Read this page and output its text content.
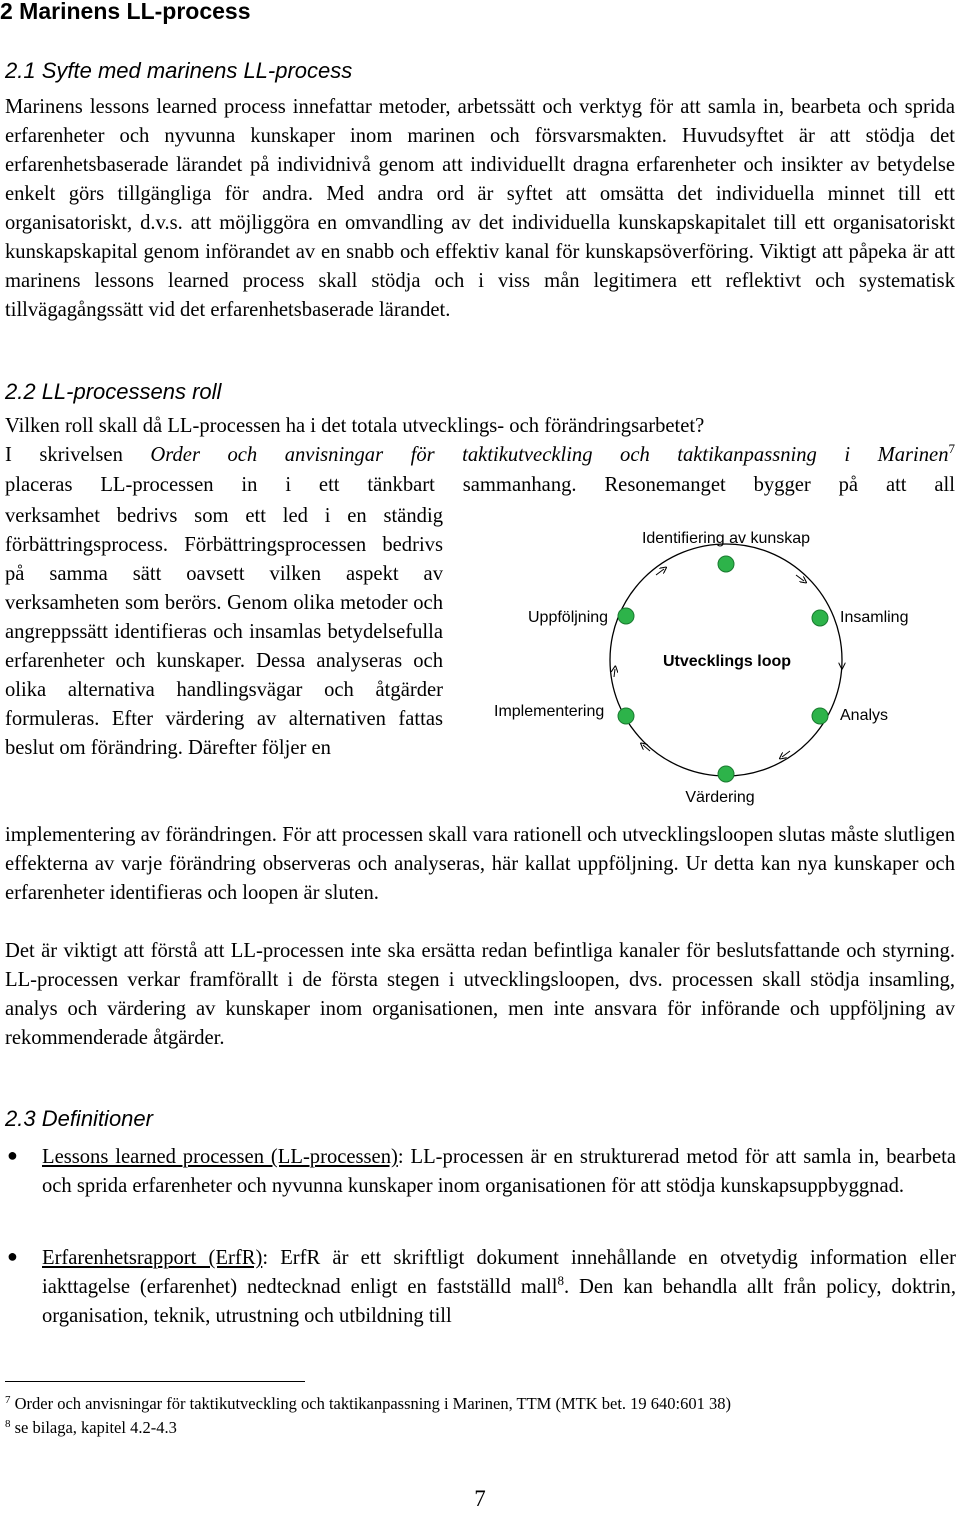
2 Marinens LL-process
2.1 Syfte med marinens LL-process
Marinens lessons learned process innefattar metoder, arbetssätt och verktyg för att samla in, bearbeta och sprida erfarenheter och nyvunna kunskaper inom marinen och försvarsmakten. Huvudsyftet är att stödja det erfarenhetsbaserade lärandet på individnivå genom att individuellt dragna erfarenheter och insikter av betydelse enkelt görs tillgängliga för andra. Med andra ord är syftet att omsätta det individuella minnet till ett organisatoriskt, d.v.s. att möjliggöra en omvandling av det individuella kunskapskapitalet till ett organisatoriskt kunskapskapital genom införandet av en snabb och effektiv kanal för kunskapsöverföring. Viktigt att påpeka är att marinens lessons learned process skall stödja och i viss mån legitimera ett reflektivt och systematisk tillvägagångssätt vid det erfarenhetsbaserade lärandet.
2.2 LL-processens roll
Vilken roll skall då LL-processen ha i det totala utvecklings- och förändringsarbetet?
I skrivelsen Order och anvisningar för taktikutveckling och taktikanpassning i Marinen$^7$
placeras LL-processen in i ett tänkbart sammanhang. Resonemanget bygger på att all
verksamhet bedrivs som ett led i en ständig förbättringsprocess. Förbättringsprocessen bedrivs på samma sätt oavsett vilken aspekt av verksamheten som berörs. Genom olika metoder och angreppssätt identifieras och insamlas betydelsefulla erfarenheter och kunskaper. Dessa analyseras och olika alternativa handlingsvägar och åtgärder formuleras. Efter värdering av alternativen fattas beslut om förändring. Därefter följer en
implementering av förändringen. För att processen skall vara rationell och utvecklingsloopen slutas måste slutligen effekterna av varje förändring observeras och analyseras, här kallat uppföljning. Ur detta kan nya kunskaper och erfarenheter identifieras och loopen är sluten.
Identifiering av kunskap
Insamling
Analys
Värdering
Implementering
Uppföljning
Utvecklings loop
Det är viktigt att förstå att LL-processen inte ska ersätta redan befintliga kanaler för beslutsfattande och styrning. LL-processen verkar framförallt i de första stegen i utvecklingsloopen, dvs. processen skall stödja insamling, analys och värdering av kunskaper inom organisationen, men inte ansvara för införande och uppföljning av rekommenderade åtgärder.
2.3 Definitioner
● Lessons learned processen (LL-processen): LL-processen är en strukturerad metod för att samla in, bearbeta och sprida erfarenheter och nyvunna kunskaper inom organisationen för att stödja kunskapsuppbyggnad.
● Erfarenhetsrapport (ErfR): ErfR är ett skriftligt dokument innehållande en otvetydig information eller iakttagelse (erfarenhet) nedtecknad enligt en fastställd mall$^8$. Den kan behandla allt från policy, doktrin, organisation, teknik, utrustning och utbildning till
$^7$ Order och anvisningar för taktikutveckling och taktikanpassning i Marinen, TTM (MTK bet. 19 640:601 38)
$^8$ se bilaga, kapitel 4.2-4.3
7
